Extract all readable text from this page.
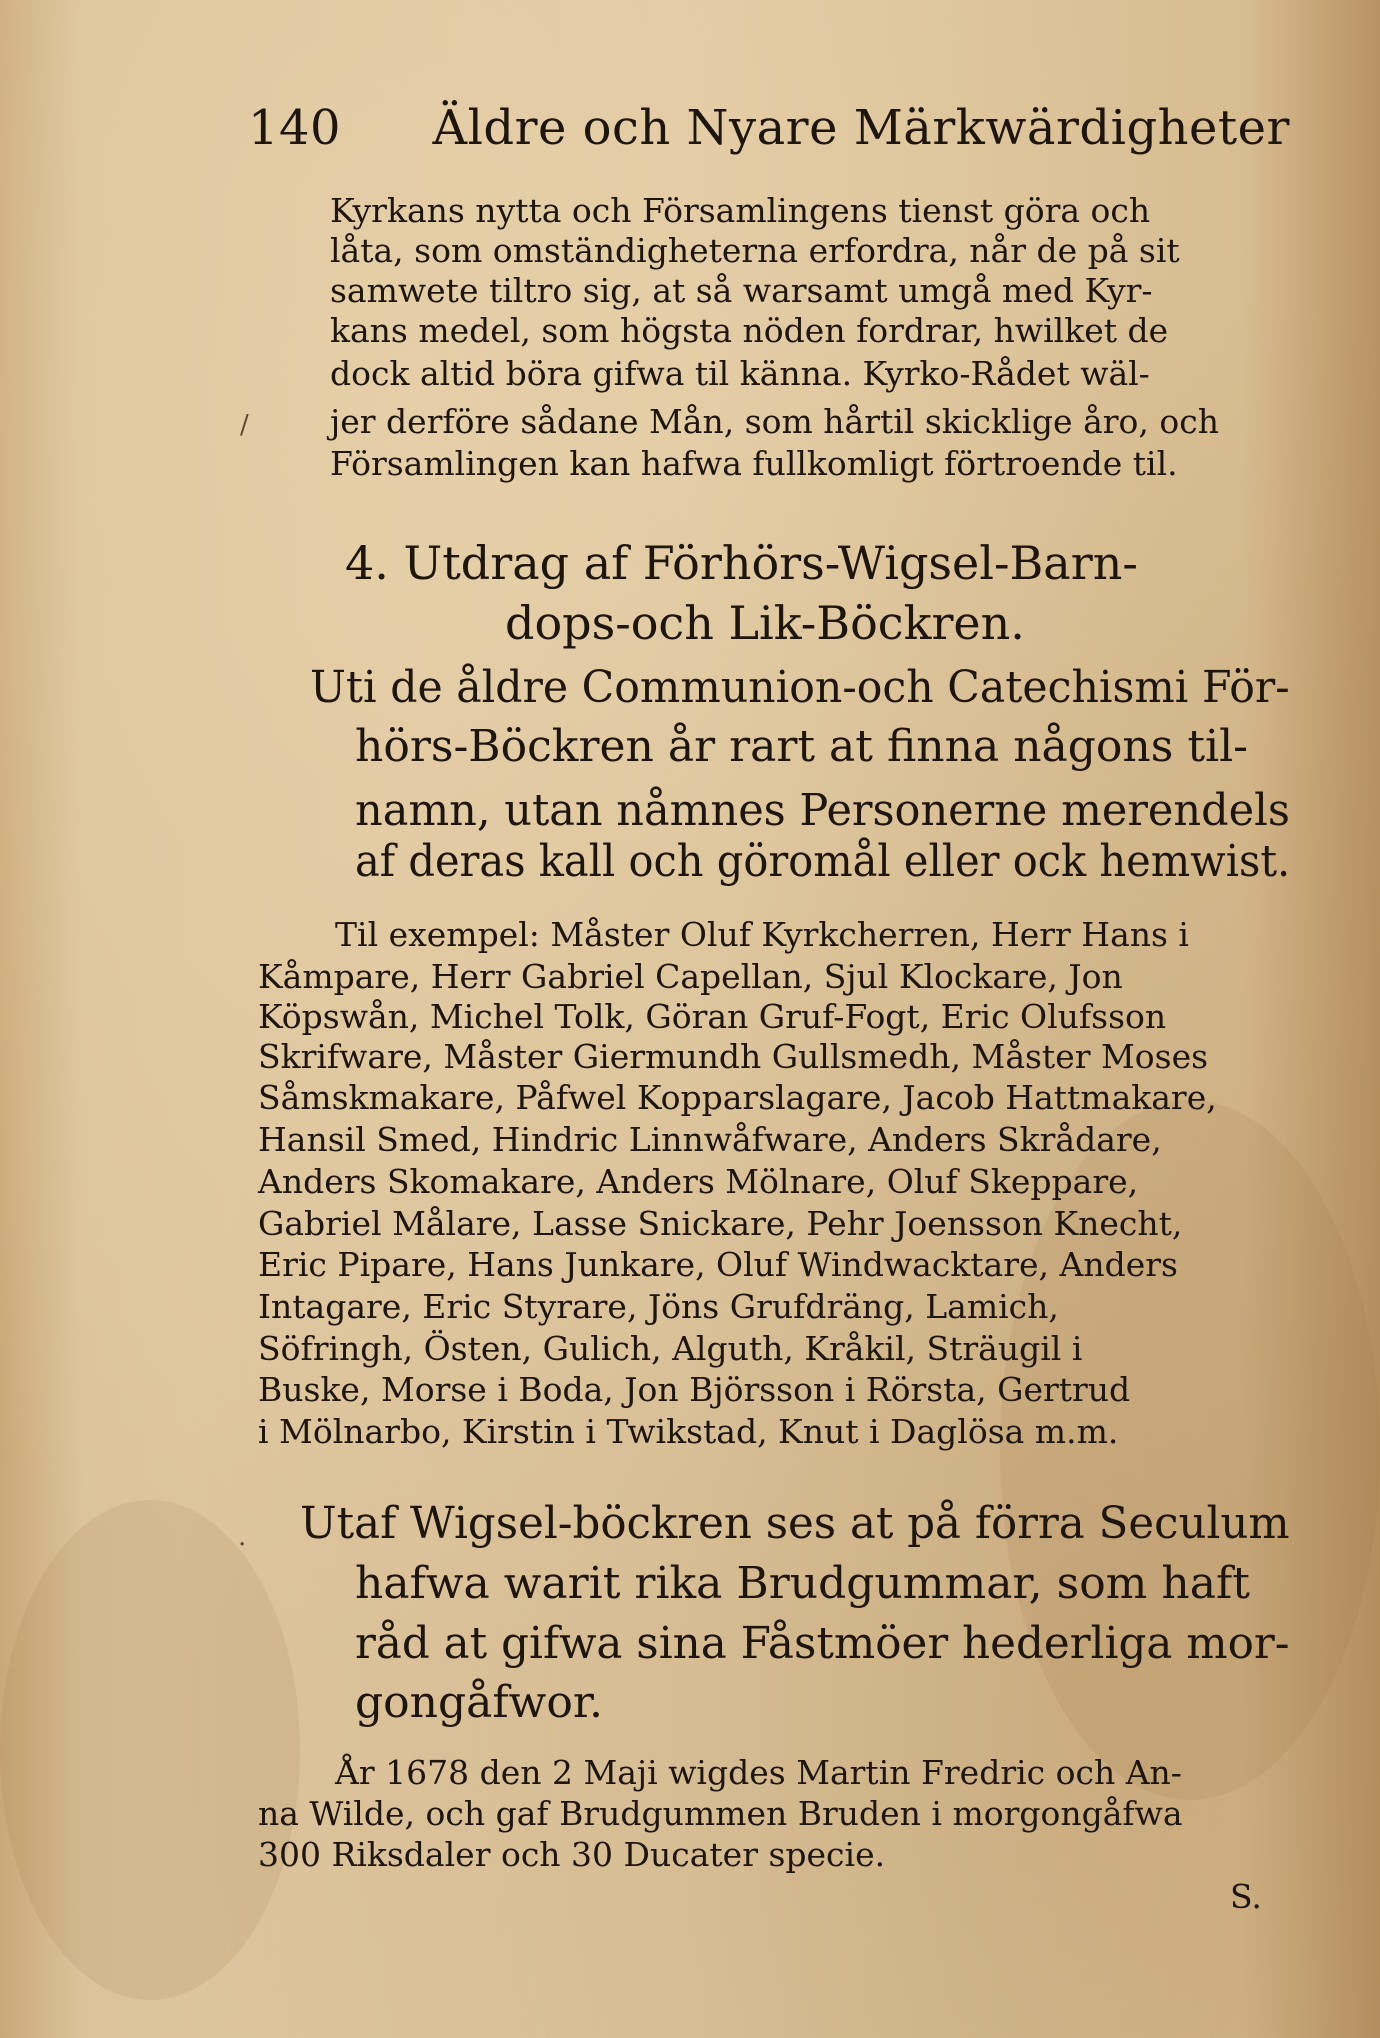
/
.
140 Äldre och Nyare Märkwärdigheter
Kyrkans nytta och Församlingens tienst göra och
låta, som omständigheterna erfordra, når de på sit
samwete tiltro sig, at så warsamt umgå med Kyr-
kans medel, som högsta nöden fordrar, hwilket de
dock altid böra gifwa til känna. Kyrko-Rådet wäl-
jer derföre sådane Mån, som hårtil skicklige åro, och
Församlingen kan hafwa fullkomligt förtroende til.
4. Utdrag af Förhörs-Wigsel-Barn-
dops-och Lik-Böckren.
Uti de åldre Communion-och Catechismi För-
hörs-Böckren år rart at finna någons til-
namn, utan nåmnes Personerne merendels
af deras kall och göromål eller ock hemwist.
Til exempel: Måster Oluf Kyrkcherren, Herr Hans i
Kåmpare, Herr Gabriel Capellan, Sjul Klockare, Jon
Köpswån, Michel Tolk, Göran Gruf-Fogt, Eric Olufsson
Skrifware, Måster Giermundh Gullsmedh, Måster Moses
Såmskmakare, Påfwel Kopparslagare, Jacob Hattmakare,
Hansil Smed, Hindric Linnwåfware, Anders Skrådare,
Anders Skomakare, Anders Mölnare, Oluf Skeppare,
Gabriel Målare, Lasse Snickare, Pehr Joensson Knecht,
Eric Pipare, Hans Junkare, Oluf Windwacktare, Anders
Intagare, Eric Styrare, Jöns Grufdräng, Lamich,
Söfringh, Östen, Gulich, Alguth, Kråkil, Sträugil i
Buske, Morse i Boda, Jon Björsson i Rörsta, Gertrud
i Mölnarbo, Kirstin i Twikstad, Knut i Daglösa m.m.
Utaf Wigsel-böckren ses at på förra Seculum
hafwa warit rika Brudgummar, som haft
råd at gifwa sina Fåstmöer hederliga mor-
gongåfwor.
År 1678 den 2 Maji wigdes Martin Fredric och An-
na Wilde, och gaf Brudgummen Bruden i morgongåfwa
300 Riksdaler och 30 Ducater specie.
S.
